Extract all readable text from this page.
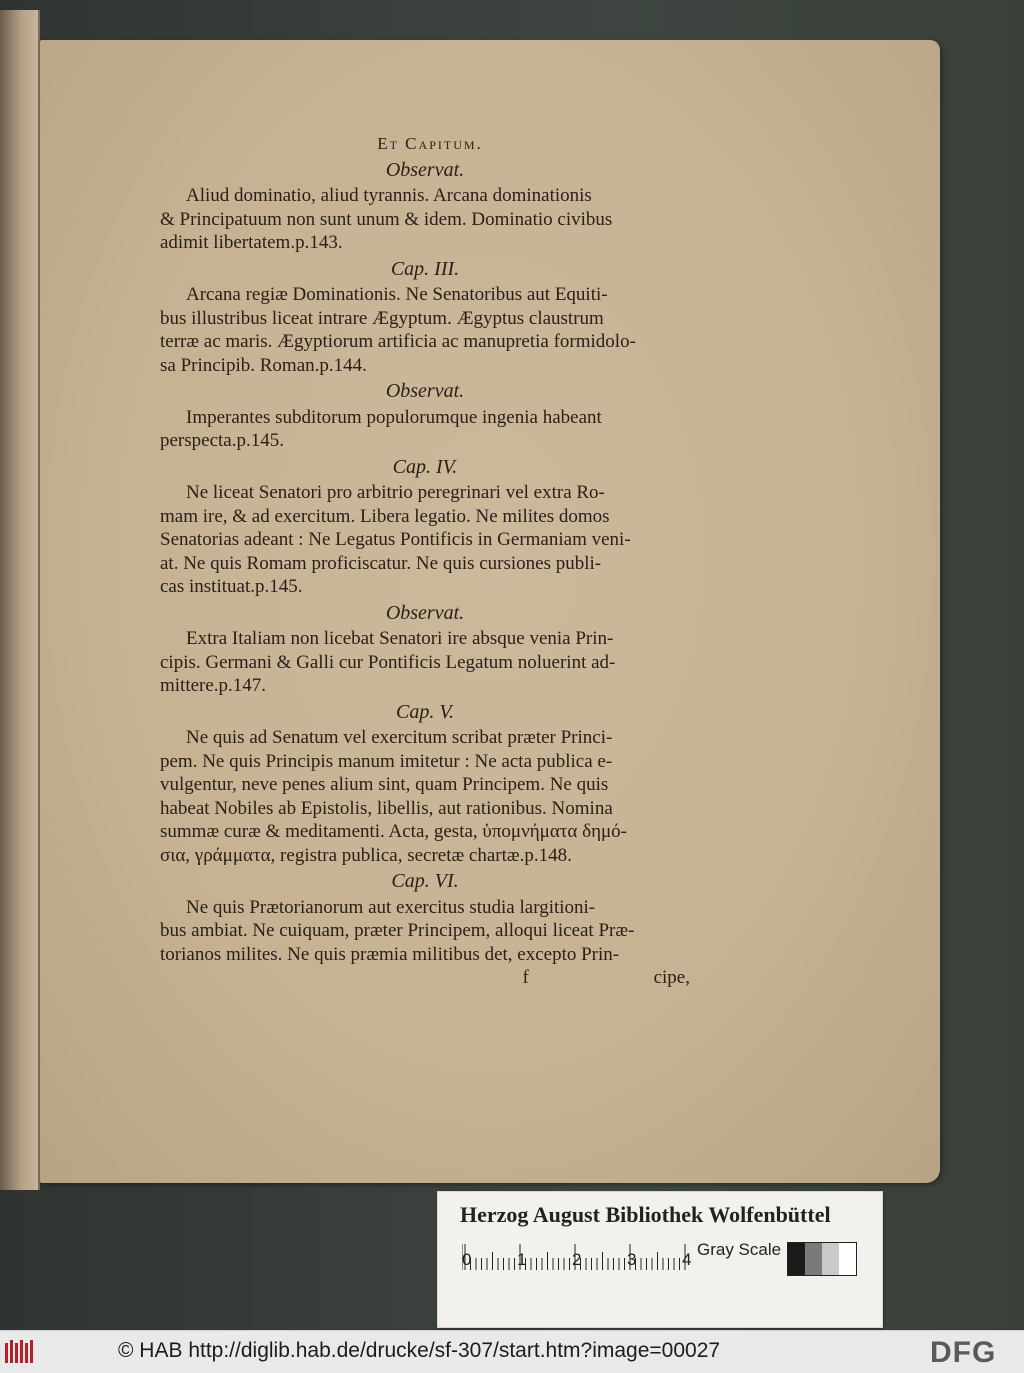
Et Capitum.
Observat.

Aliud dominatio, aliud tyrannis. Arcana dominationis

& Principatuum non sunt unum & idem. Dominatio civibus

adimit libertatem.p.143.

Cap. III.

Arcana regiæ Dominationis. Ne Senatoribus aut Equiti-

bus illustribus liceat intrare Ægyptum. Ægyptus claustrum

terræ ac maris. Ægyptiorum artificia ac manupretia formidolo-

sa Principib. Roman.p.144.

Observat.

Imperantes subditorum populorumque ingenia habeant

perspecta.p.145.

Cap. IV.

Ne liceat Senatori pro arbitrio peregrinari vel extra Ro-

mam ire, & ad exercitum. Libera legatio. Ne milites domos

Senatorias adeant : Ne Legatus Pontificis in Germaniam veni-

at. Ne quis Romam proficiscatur. Ne quis cursiones publi-

cas instituat.p.145.

Observat.

Extra Italiam non licebat Senatori ire absque venia Prin-

cipis. Germani & Galli cur Pontificis Legatum noluerint ad-

mittere.p.147.

Cap. V.

Ne quis ad Senatum vel exercitum scribat præter Princi-

pem. Ne quis Principis manum imitetur : Ne acta publica e-

vulgentur, neve penes alium sint, quam Principem. Ne quis

habeat Nobiles ab Epistolis, libellis, aut rationibus. Nomina

summæ curæ & meditamenti. Acta, gesta, ὑπομνήματα δημό-

σια, γράμματα, registra publica, secretæ chartæ.p.148.

Cap. VI.

Ne quis Prætorianorum aut exercitus studia largitioni-

bus ambiat. Ne cuiquam, præter Principem, alloqui liceat Præ-

torianos milites. Ne quis præmia militibus det, excepto Prin-

f	cipe,
Herzog August Bibliothek Wolfenbüttel
0	1	2	3	4
Gray Scale
© HAB http://diglib.hab.de/drucke/sf-307/start.htm?image=00027	DFG
